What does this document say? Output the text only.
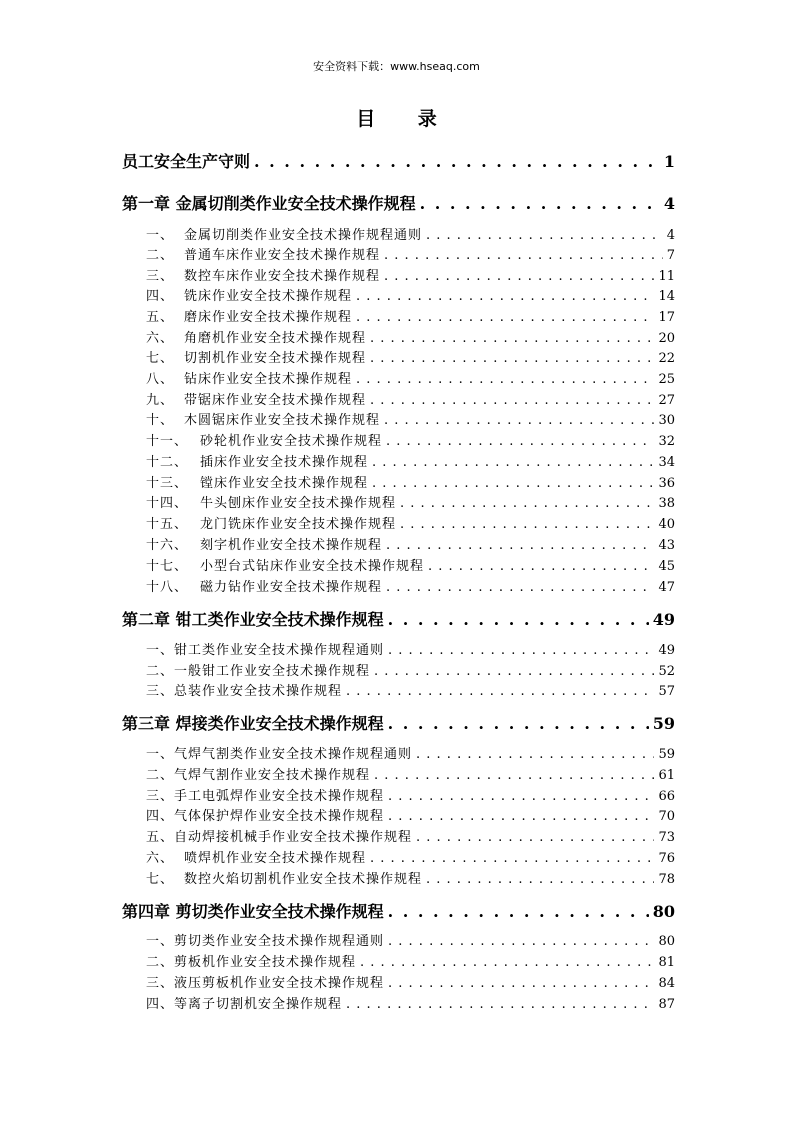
安全资料下载：www.hseaq.com
目 录
员工安全生产守则 . . .	1
第一章 金属切削类作业安全技术操作规程 . . .	4
一、 金属切削类作业安全技术操作规程通则 . . .	4
二、 普通车床作业安全技术操作规程 . . .	7
三、 数控车床作业安全技术操作规程 . . .	11
四、 铣床作业安全技术操作规程 . . .	14
五、 磨床作业安全技术操作规程 . . .	17
六、 角磨机作业安全技术操作规程 . . .	20
七、 切割机作业安全技术操作规程 . . .	22
八、 钻床作业安全技术操作规程 . . .	25
九、 带锯床作业安全技术操作规程 . . .	27
十、 木圆锯床作业安全技术操作规程 . . .	30
十一、 砂轮机作业安全技术操作规程 . . .	32
十二、 插床作业安全技术操作规程 . . .	34
十三、 镗床作业安全技术操作规程 . . .	36
十四、 牛头刨床作业安全技术操作规程 . . .	38
十五、 龙门铣床作业安全技术操作规程 . . .	40
十六、 刻字机作业安全技术操作规程 . . .	43
十七、 小型台式钻床作业安全技术操作规程 . . .	45
十八、 磁力钻作业安全技术操作规程 . . .	47
第二章 钳工类作业安全技术操作规程 . . .	49
一、钳工类作业安全技术操作规程通则 . . .	49
二、一般钳工作业安全技术操作规程 . . .	52
三、总装作业安全技术操作规程 . . .	57
第三章 焊接类作业安全技术操作规程 . . .	59
一、气焊气割类作业安全技术操作规程通则 . . .	59
二、气焊气割作业安全技术操作规程 . . .	61
三、手工电弧焊作业安全技术操作规程 . . .	66
四、气体保护焊作业安全技术操作规程 . . .	70
五、自动焊接机械手作业安全技术操作规程 . . .	73
六、 喷焊机作业安全技术操作规程 . . .	76
七、 数控火焰切割机作业安全技术操作规程 . . .	78
第四章 剪切类作业安全技术操作规程 . . .	80
一、剪切类作业安全技术操作规程通则 . . .	80
二、剪板机作业安全技术操作规程 . . .	81
三、液压剪板机作业安全技术操作规程 . . .	84
四、等离子切割机安全操作规程 . . .	87
